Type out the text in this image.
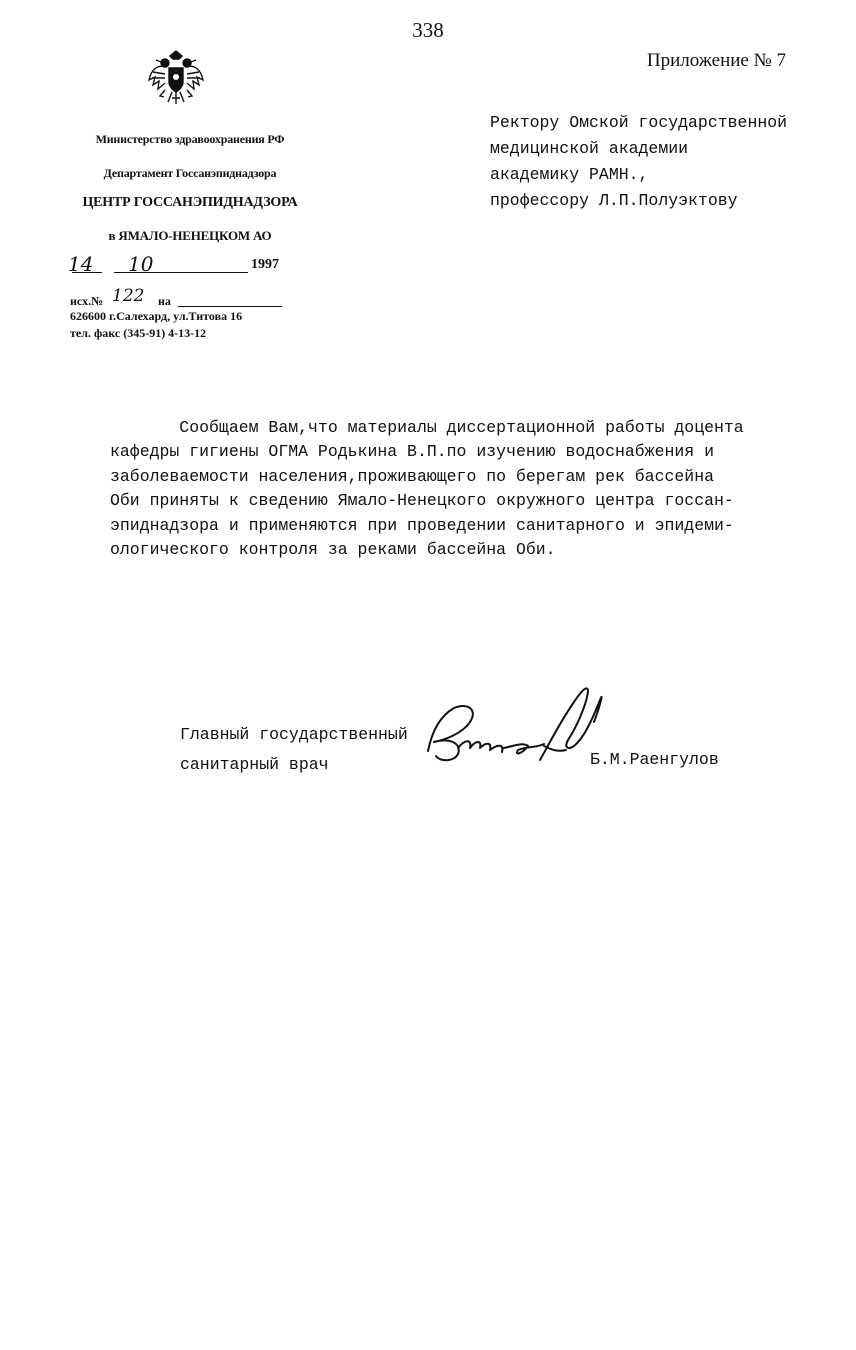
338
Приложение № 7
Министерство здравоохранения РФ
Департамент Госсанэпиднадзора
ЦЕНТР ГОССАНЭПИДНАДЗОРА
в ЯМАЛО-НЕНЕЦКОМ АО
14 10	1997
исх.№ 122 на
626600 г.Салехард, ул.Титова 16
тел. факс (345-91) 4-13-12
Ректору Омской государственной
медицинской академии
академику РАМН.,
профессору Л.П.Полуэктову
Сообщаем Вам,что материалы диссертационной работы доцента
кафедры гигиены ОГМА Родькина В.П.по изучению водоснабжения и
заболеваемости населения,проживающего по берегам рек бассейна
Оби приняты к сведению Ямало-Ненецкого окружного центра госсан-
эпиднадзора и применяются при проведении санитарного и эпидеми-
ологического контроля за реками бассейна Оби.
Главный государственный
санитарный врач	Б.М.Раенгулов
